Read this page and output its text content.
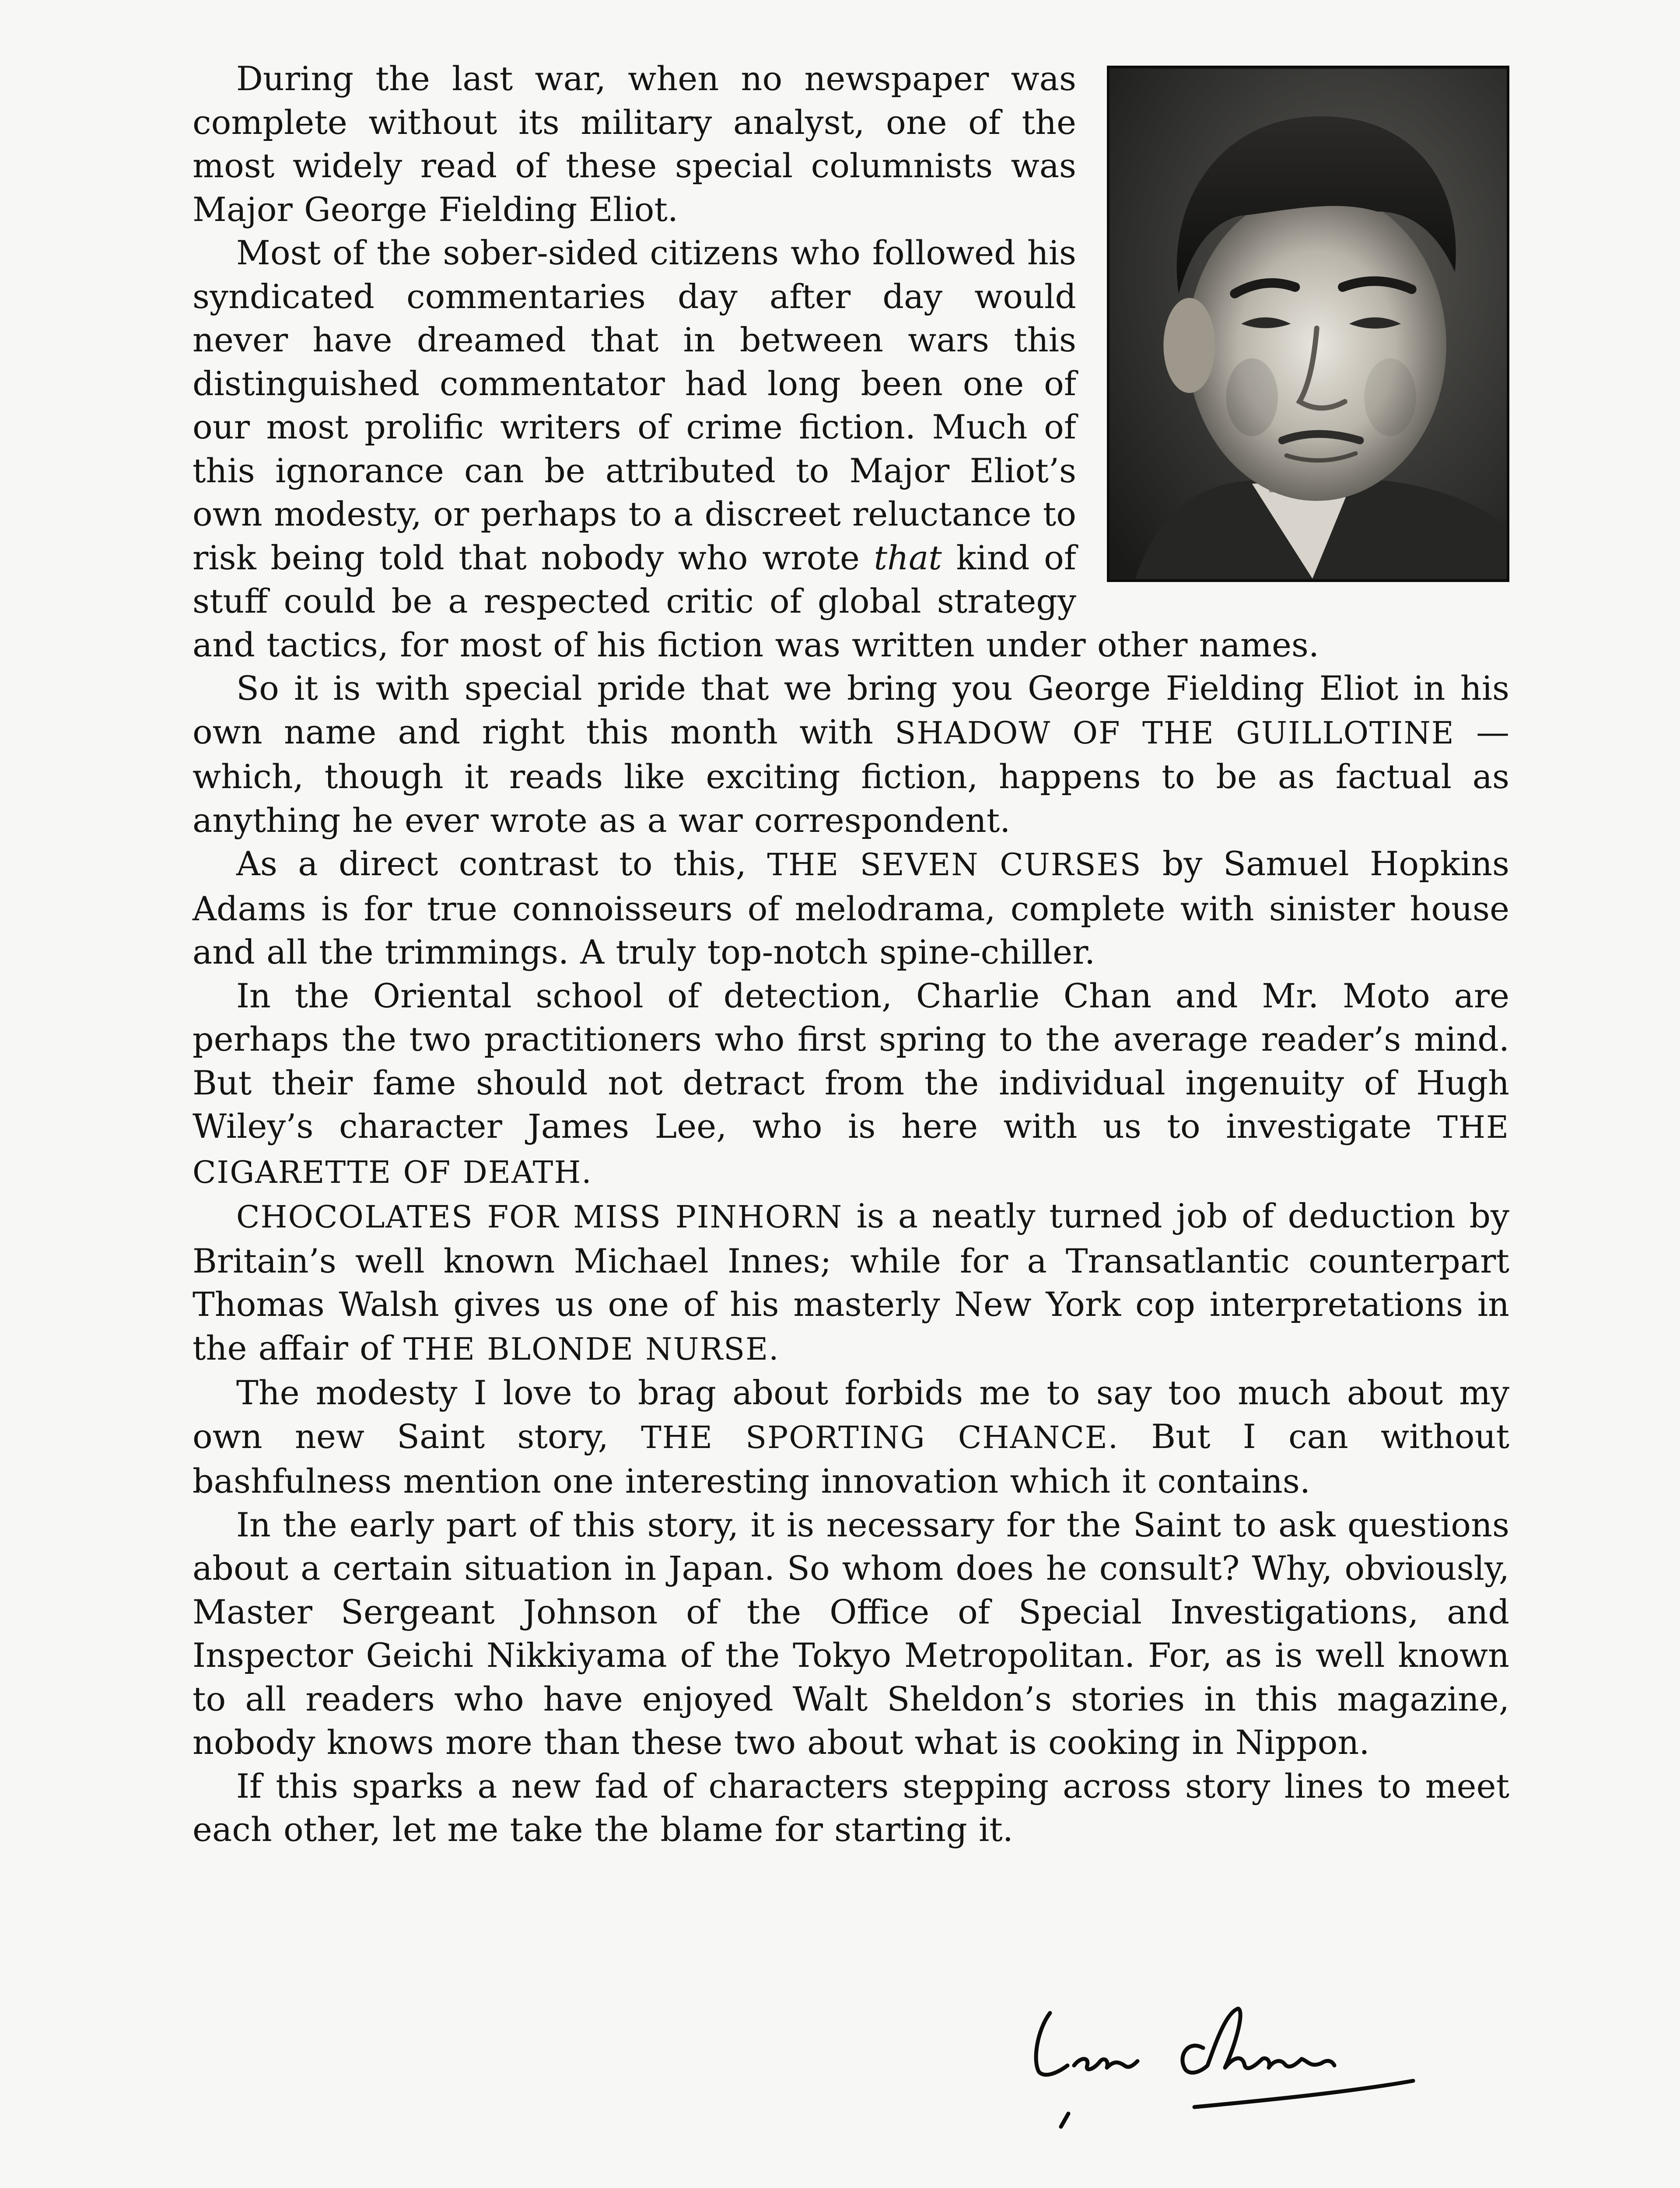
During the last war, when no newspaper was complete without its military analyst, one of the most widely read of these special columnists was Major George Fielding Eliot.

Most of the sober-sided citizens who followed his syndicated commentaries day after day would never have dreamed that in between wars this distinguished commentator had long been one of our most prolific writers of crime fiction. Much of this ignorance can be attributed to Major Eliot’s own modesty, or perhaps to a discreet reluctance to risk being told that nobody who wrote that kind of stuff could be a respected critic of global strategy and tactics, for most of his fiction was written under other names.

So it is with special pride that we bring you George Fielding Eliot in his own name and right this month with SHADOW OF THE GUILLOTINE —which, though it reads like exciting fiction, happens to be as factual as anything he ever wrote as a war correspondent.

As a direct contrast to this, THE SEVEN CURSES by Samuel Hopkins Adams is for true connoisseurs of melodrama, complete with sinister house and all the trimmings. A truly top-notch spine-chiller.

In the Oriental school of detection, Charlie Chan and Mr. Moto are perhaps the two practitioners who first spring to the average reader’s mind. But their fame should not detract from the individual ingenuity of Hugh Wiley’s character James Lee, who is here with us to investigate THE CIGARETTE OF DEATH.

CHOCOLATES FOR MISS PINHORN is a neatly turned job of deduction by Britain’s well known Michael Innes; while for a Transatlantic counterpart Thomas Walsh gives us one of his masterly New York cop interpretations in the affair of THE BLONDE NURSE.

The modesty I love to brag about forbids me to say too much about my own new Saint story, THE SPORTING CHANCE. But I can without bashfulness mention one interesting innovation which it contains.

In the early part of this story, it is necessary for the Saint to ask questions about a certain situation in Japan. So whom does he consult? Why, obviously, Master Sergeant Johnson of the Office of Special Investigations, and Inspector Geichi Nikkiyama of the Tokyo Metropolitan. For, as is well known to all readers who have enjoyed Walt Sheldon’s stories in this magazine, nobody knows more than these two about what is cooking in Nippon.

If this sparks a new fad of characters stepping across story lines to meet each other, let me take the blame for starting it.
